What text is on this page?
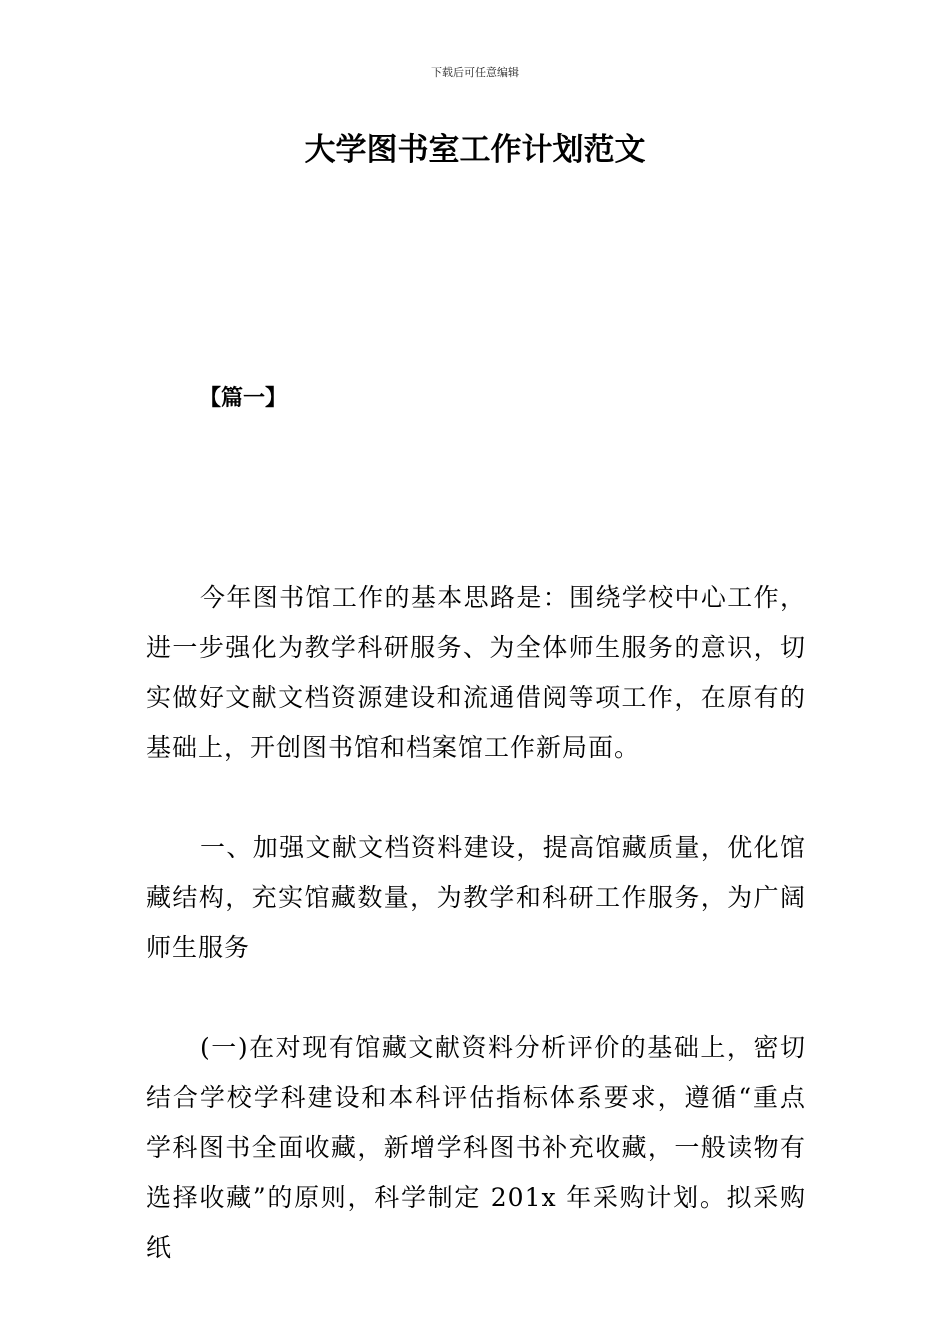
下载后可任意编辑
大学图书室工作计划范文
【篇一】

今年图书馆工作的基本思路是：围绕学校中心工作，进一步强化为教学科研服务、为全体师生服务的意识，切实做好文献文档资源建设和流通借阅等项工作，在原有的基础上，开创图书馆和档案馆工作新局面。

一、加强文献文档资料建设，提高馆藏质量，优化馆藏结构，充实馆藏数量，为教学和科研工作服务，为广阔师生服务

(一)在对现有馆藏文献资料分析评价的基础上，密切结合学校学科建设和本科评估指标体系要求，遵循“重点学科图书全面收藏，新增学科图书补充收藏，一般读物有选择收藏”的原则，科学制定 201x 年采购计划。拟采购纸
